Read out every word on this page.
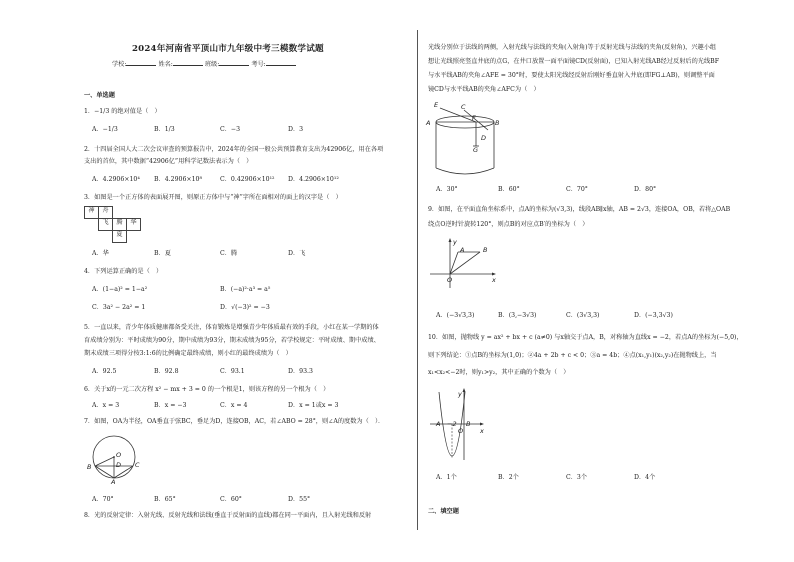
2024年河南省平顶山市九年级中考三模数学试题
学校:	姓名:	班级:	考号:
一、单选题
1．−1/3 的绝对值是（　）
A．−1/3	B．1/3	C．−3	D．3
2．十四届全国人大二次会议审查的预算报告中，2024年的全国一般公共预算教育支出为42906亿，用在各项
支出的首位，其中数据“42906亿”用科学记数法表示为（　）
A．4.2906×10⁴ B．4.2906×10⁸	C．0.42906×10¹² D．4.2906×10¹²
3．如图是一个正方体的表面展开图，则原正方体中与“神”字所在面相对的面上的汉字是（　）
神	舟
飞	腾	华
夏
A．华	B．夏	C．腾	D．飞
4．下列运算正确的是（　）
A．(1−a)² = 1−a²	B．(−a)²·a³ = a⁵
C．3a² − 2a² = 1	D．√(−3)² = −3
5．一直以来，青少年体质健康都备受关注，体育锻炼是增强青少年体质最有效的手段，小红在某一学期的体
育成绩分别为：平时成绩为90分，期中成绩为93分，期末成绩为95分，若学校规定：平时成绩、期中成绩、
期末成绩三项得分按3:1:6的比例确定最终成绩，则小红的最终成绩为（　）
A．92.5	B．92.8	C．93.1	D．93.3
6．关于x的一元二次方程 x² − mx + 3 = 0 的一个根是1，则该方程的另一个根为（　）
A．x = 3	B．x = −3	C．x = 4	D．x = 1或x = 3
7．如图，OA为半径，OA垂直于弦BC，垂足为D，连接OB，AC，若∠ABO = 28°，则∠A的度数为（　）．
B
O
C
D
A
A．70°	B．65°	C．60°	D．55°
8．光的反射定律：入射光线、反射光线和法线(垂直于反射面的直线)都在同一平面内，且入射光线和反射
光线分别位于法线的两侧，入射光线与法线的夹角(入射角)等于反射光线与法线的夹角(反射角)，兴趣小组
想让光线照亮竖直井底的点G，在井口放置一面平面镜CD(反射面)，已知入射光线AB经过反射后的光线BF
与水平线AB的夹角∠AFE = 30°时，要使太阳光线经反射后刚好垂直射入井底(即FG⊥AB)，则调整平面
镜CD与水平线AB的夹角∠AFC为（　）
E	C
A
F
B
D
G
A．30°	B．60°	C．70°	D．80°
9．如图，在平面直角坐标系中，点A的坐标为(√3,3)，线段AB∥x轴，AB = 2√3，连接OA，OB，若将△OAB
绕点O逆时针旋转120°，则点B的对应点B′的坐标为（　）
y
A	B
O	x
A．(−3√3,3)	B．(3,−3√3)	C．(3√3,3)	D．(−3,3√3)
10．如图，抛物线 y = ax² + bx + c (a≠0) 与x轴交于点A，B，对称轴为直线x = −2，若点A的坐标为(−5,0)，
则下列结论：①点B的坐标为(1,0)；②4a + 2b + c < 0；③a = 4b；④点(x₁,y₁)(x₂,y₂)在抛物线上，当
x₁<x₂<−2时，则y₁>y₂，其中正确的个数为（　）
y
A −2
O
B
x
A．1个	B．2个	C．3个	D．4个
二、填空题
